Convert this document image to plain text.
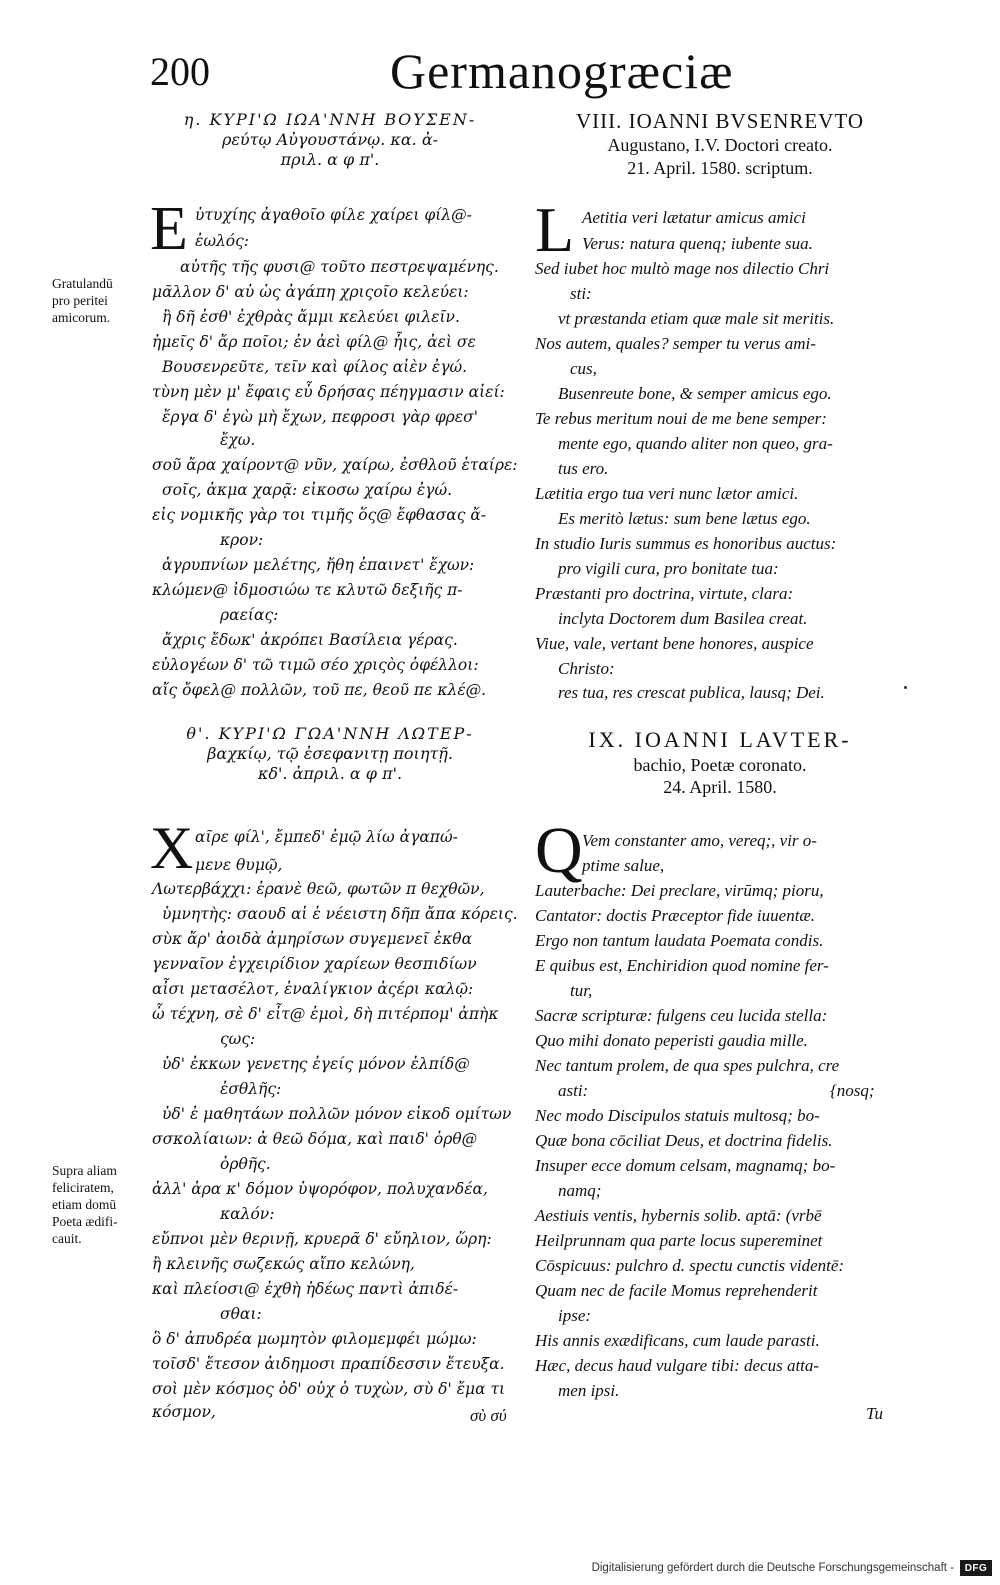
200	Germanogræciæ
η. ΚΥΡΙ'Ω ΙΩΑ'ΝΝΗ ΒΟΥΣΕΝ-
ρεύτῳ Αὐγουστάνῳ. κα. ἀ-
πριλ. α φ π'.
E ὐτυχίης ἀγαθοῖο φίλε χαίρει φίλ@-
ἐωλός:
αὐτῆς τῆς φυσι@ τοῦτο πεστρεψαμένης.
μᾶλλον δ' αὐ ὡς ἀγάπη χριςοῖο κελεύει:
ἢ δῆ ἐσθ' ἐχθρὰς ἄμμι κελεύει φιλεῖν.
ἡμεῖς δ' ἄρ ποῖοι; ἐν ἀεὶ φίλ@ ἧις, ἀεὶ σε
Βουσενρεῦτε, τεῖν καὶ φίλος αἰὲν ἐγώ.
τὺνη μὲν μ' ἔφαις εὖ δρήσας πέηγμασιν αἰεί:
ἔργα δ' ἐγὼ μὴ ἔχων, πεφροσι γὰρ φρεσ'
ἔχω.
σοῦ ἄρα χαίροντ@ νῦν, χαίρω, ἐσθλοῦ ἑταίρε:
σοῖς, ἀκμα χαρᾷ: εἰκοσω χαίρω ἐγώ.
εἰς νομικῆς γὰρ τοι τιμῆς ὅς@ ἔφθασας ἄ-
κρον:
ἀγρυπνίων μελέτης, ἤθη ἐπαινετ' ἔχων:
κλώμεν@ ἰδμοσιώω τε κλυτῶ δεξιῆς π-
ραείας:
ἄχρις ἔδωκ' ἀκρόπει Βασίλεια γέρας.
εὐλογέων δ' τῶ τιμῶ σέο χριςὸς ὀφέλλοι:
αἴς ὄφελ@ πολλῶν, τοῦ πε, θεοῦ πε κλέ@.
θ'. ΚΥΡΙ'Ω ΓΩΑ'ΝΝΗ ΛΩΤΕΡ-
βαχκίῳ, τῷ ἐσεφανιτῃ ποιητῇ.
κδ'. ἀπριλ. α φ π'.
X αῖρε φίλ', ἔμπεδ' ἐμῷ λίω ἀγαπώ-
μενε θυμῷ,
Λωτερβάχχι: ἐρανὲ θεῶ, φωτῶν π θεχθῶν,
ὑμνητὴς: σαουδ αἰ ἐ νέειστη δῆπ ἄπα κόρεις.
σὺκ ἄρ' ἀοιδὰ ἀμηρίσων συγεμενεῖ ἐκθα
γενναῖον ἐγχειρίδιον χαρίεων θεσπιδίων
αἶσι μετασέλοτ, ἐναλίγκιον ἀςέρι καλῷ:
ὦ τέχνη, σὲ δ' εἶτ@ ἐμοὶ, δὴ πιτέρπομ' ἀπὴκ
ςως:
ὐδ' ἐκκων γενετης ἐγείς μόνον ἐλπίδ@
ἐσθλῆς:
ὐδ' ἐ μαθητάων πολλῶν μόνον εἰκοδ ομίτων
σσκολίαιων: ἀ θεῶ δόμα, καὶ παιδ' ὀρθ@
ὀρθῆς.
ἀλλ' ἀρα κ' δόμον ὑψορόφον, πολυχανδέα,
καλόν:
εὔπνοι μὲν θερινῇ, κρυερᾶ δ' εὔηλιον, ὥρη:
ἢ κλεινῆς σωζεκώς αἴπο κελώνη,
καὶ πλείοσι@ ἐχθὴ ἡδέως παντὶ ἀπιδέ-
σθαι:
ὃ δ' ἀπυδρέα μωμητὸν φιλομεμφέι μώμω:
τοῖσδ' ἔτεσον ἀιδημοσι πραπίδεσσιν ἔτευξα.
σοὶ μὲν κόσμος ὁδ' οὐχ ὁ τυχὼν, σὺ δ' ἔμα τι
κόσμον,	σὺ σύ
Gratulandū
pro peritei
amicorum.
Supra aliam
feliciratem,
etiam domū
Poeta ædifi-
cauit.
VIII. IOANNI BVSENREVTO
Augustano, I.V. Doctori creato.
21. April. 1580. scriptum.
L Aetitia veri lætatur amicus amici
Verus: natura quenq; iubente sua.
Sed iubet hoc multò mage nos dilectio Chri
sti:
vt præstanda etiam quæ male sit meritis.
Nos autem, quales? semper tu verus ami-
cus,
Busenreute bone, & semper amicus ego.
Te rebus meritum noui de me bene semper:
mente ego, quando aliter non queo, gra-
tus ero.
Lætitia ergo tua veri nunc lætor amici.
Es meritò lætus: sum bene lætus ego.
In studio Iuris summus es honoribus auctus:
pro vigili cura, pro bonitate tua:
Præstanti pro doctrina, virtute, clara:
inclyta Doctorem dum Basilea creat.
Viue, vale, vertant bene honores, auspice
Christo:
res tua, res crescat publica, lausq; Dei.
IX. IOANNI LAVTER-
bachio, Poetæ coronato.
24. April. 1580.
Q Vem constanter amo, vereq;, vir o-
ptime salue,
Lauterbache: Dei preclare, virūmq; pioru,
Cantator: doctis Præceptor fide iuuentæ.
Ergo non tantum laudata Poemata condis.
E quibus est, Enchiridion quod nomine fer-
tur,
Sacræ scripturæ: fulgens ceu lucida stella:
Quo mihi donato peperisti gaudia mille.
Nec tantum prolem, de qua spes pulchra, cre
asti:	{nosq;
Nec modo Discipulos statuis multosq; bo-
Quæ bona cōciliat Deus, et doctrina fidelis.
Insuper ecce domum celsam, magnamq; bo-
namq;
Aestiuis ventis, hybernis solib. aptā: (vrbē
Heilprunnam qua parte locus supereminet
Cōspicuus: pulchro d. spectu cunctis videntē:
Quam nec de facile Momus reprehenderit
ipse:
His annis exædificans, cum laude parasti.
Hæc, decus haud vulgare tibi: decus atta-
men ipsi.
Tu
Digitalisierung gefördert durch die Deutsche Forschungsgemeinschaft -	DFG
